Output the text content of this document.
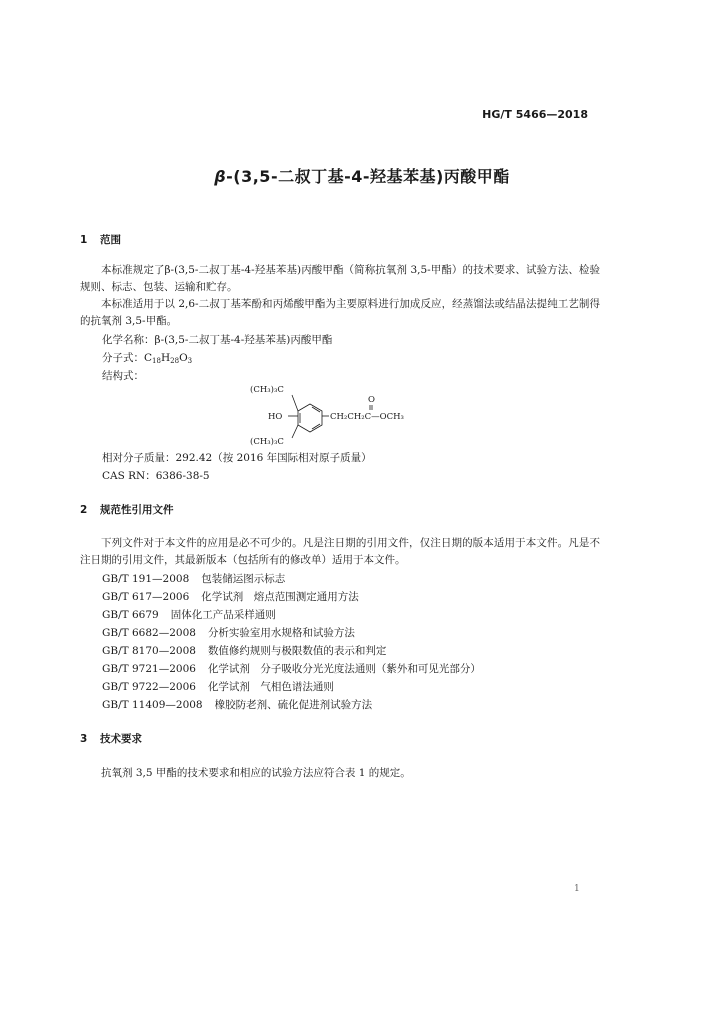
HG/T 5466—2018
β-(3,5-二叔丁基-4-羟基苯基)丙酸甲酯
1 范围
本标准规定了β-(3,5-二叔丁基-4-羟基苯基)丙酸甲酯（简称抗氧剂 3,5-甲酯）的技术要求、试验方法、检验规则、标志、包装、运输和贮存。
本标准适用于以 2,6-二叔丁基苯酚和丙烯酸甲酯为主要原料进行加成反应，经蒸馏法或结晶法提纯工艺制得的抗氧剂 3,5-甲酯。
化学名称：β-(3,5-二叔丁基-4-羟基苯基)丙酸甲酯
分子式：$C_{18}H_{28}O_3$
结构式：
(CH₃)₃C
HO
O
CH₂CH₂C—OCH₃
(CH₃)₃C
相对分子质量：292.42（按 2016 年国际相对原子质量）
CAS RN：6386-38-5
2 规范性引用文件
下列文件对于本文件的应用是必不可少的。凡是注日期的引用文件，仅注日期的版本适用于本文件。凡是不注日期的引用文件，其最新版本（包括所有的修改单）适用于本文件。
GB/T 191—2008 包装储运图示标志
GB/T 617—2006 化学试剂　熔点范围测定通用方法
GB/T 6679 固体化工产品采样通则
GB/T 6682—2008 分析实验室用水规格和试验方法
GB/T 8170—2008 数值修约规则与极限数值的表示和判定
GB/T 9721—2006 化学试剂　分子吸收分光光度法通则（紫外和可见光部分）
GB/T 9722—2006 化学试剂　气相色谱法通则
GB/T 11409—2008 橡胶防老剂、硫化促进剂试验方法
3 技术要求
抗氧剂 3,5 甲酯的技术要求和相应的试验方法应符合表 1 的规定。
1
